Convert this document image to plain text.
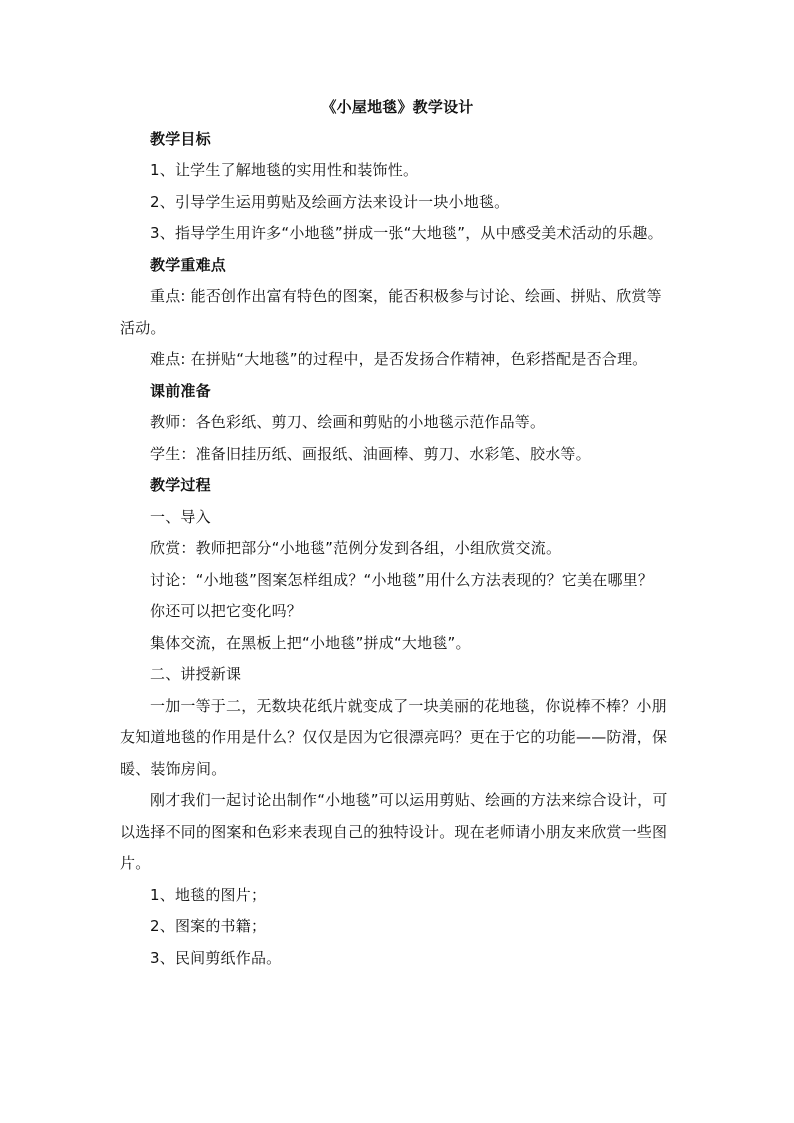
《小屋地毯》教学设计

教学目标

1、让学生了解地毯的实用性和装饰性。

2、引导学生运用剪贴及绘画方法来设计一块小地毯。

3、指导学生用许多“小地毯”拼成一张“大地毯”，从中感受美术活动的乐趣。

教学重难点

重点: 能否创作出富有特色的图案，能否积极参与讨论、绘画、拼贴、欣赏等活动。

难点: 在拼贴“大地毯”的过程中，是否发扬合作精神，色彩搭配是否合理。

课前准备

教师：各色彩纸、剪刀、绘画和剪贴的小地毯示范作品等。

学生：准备旧挂历纸、画报纸、油画棒、剪刀、水彩笔、胶水等。

教学过程

一、导入

欣赏：教师把部分“小地毯”范例分发到各组，小组欣赏交流。

讨论：“小地毯”图案怎样组成？“小地毯”用什么方法表现的？它美在哪里？

你还可以把它变化吗？

集体交流，在黑板上把“小地毯”拼成“大地毯”。

二、讲授新课

一加一等于二，无数块花纸片就变成了一块美丽的花地毯，你说棒不棒？小朋友知道地毯的作用是什么？仅仅是因为它很漂亮吗？更在于它的功能——防滑，保暖、装饰房间。

刚才我们一起讨论出制作“小地毯”可以运用剪贴、绘画的方法来综合设计，可以选择不同的图案和色彩来表现自己的独特设计。现在老师请小朋友来欣赏一些图片。

1、地毯的图片；

2、图案的书籍；

3、民间剪纸作品。
